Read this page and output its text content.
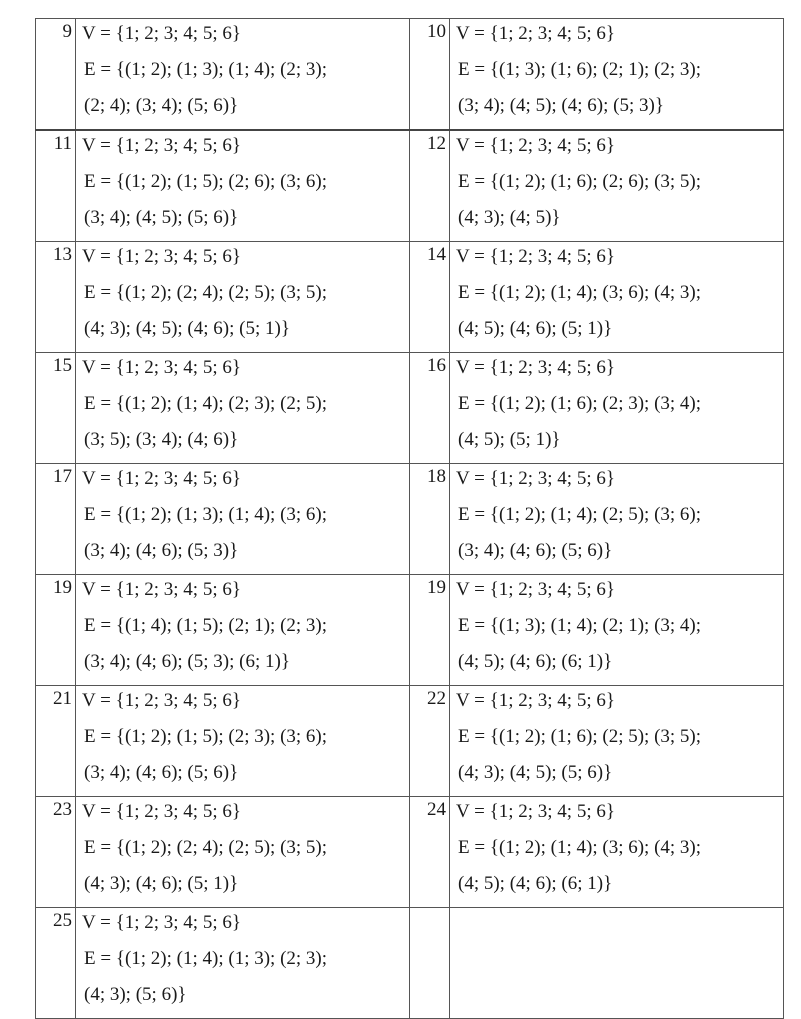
9	V = {1; 2; 3; 4; 5; 6}
E = {(1; 2); (1; 3); (1; 4); (2; 3);
(2; 4); (3; 4); (5; 6)}	10	V = {1; 2; 3; 4; 5; 6}
E = {(1; 3); (1; 6); (2; 1); (2; 3);
(3; 4); (4; 5); (4; 6); (5; 3)}

11	V = {1; 2; 3; 4; 5; 6}
E = {(1; 2); (1; 5); (2; 6); (3; 6);
(3; 4); (4; 5); (5; 6)}	12	V = {1; 2; 3; 4; 5; 6}
E = {(1; 2); (1; 6); (2; 6); (3; 5);
(4; 3); (4; 5)}

13	V = {1; 2; 3; 4; 5; 6}
E = {(1; 2); (2; 4); (2; 5); (3; 5);
(4; 3); (4; 5); (4; 6); (5; 1)}	14	V = {1; 2; 3; 4; 5; 6}
E = {(1; 2); (1; 4); (3; 6); (4; 3);
(4; 5); (4; 6); (5; 1)}

15	V = {1; 2; 3; 4; 5; 6}
E = {(1; 2); (1; 4); (2; 3); (2; 5);
(3; 5); (3; 4); (4; 6)}	16	V = {1; 2; 3; 4; 5; 6}
E = {(1; 2); (1; 6); (2; 3); (3; 4);
(4; 5); (5; 1)}

17	V = {1; 2; 3; 4; 5; 6}
E = {(1; 2); (1; 3); (1; 4); (3; 6);
(3; 4); (4; 6); (5; 3)}	18	V = {1; 2; 3; 4; 5; 6}
E = {(1; 2); (1; 4); (2; 5); (3; 6);
(3; 4); (4; 6); (5; 6)}

19	V = {1; 2; 3; 4; 5; 6}
E = {(1; 4); (1; 5); (2; 1); (2; 3);
(3; 4); (4; 6); (5; 3); (6; 1)}	19	V = {1; 2; 3; 4; 5; 6}
E = {(1; 3); (1; 4); (2; 1); (3; 4);
(4; 5); (4; 6); (6; 1)}

21	V = {1; 2; 3; 4; 5; 6}
E = {(1; 2); (1; 5); (2; 3); (3; 6);
(3; 4); (4; 6); (5; 6)}	22	V = {1; 2; 3; 4; 5; 6}
E = {(1; 2); (1; 6); (2; 5); (3; 5);
(4; 3); (4; 5); (5; 6)}

23	V = {1; 2; 3; 4; 5; 6}
E = {(1; 2); (2; 4); (2; 5); (3; 5);
(4; 3); (4; 6); (5; 1)}	24	V = {1; 2; 3; 4; 5; 6}
E = {(1; 2); (1; 4); (3; 6); (4; 3);
(4; 5); (4; 6); (6; 1)}

25	V = {1; 2; 3; 4; 5; 6}
E = {(1; 2); (1; 4); (1; 3); (2; 3);
(4; 3); (5; 6)}		
